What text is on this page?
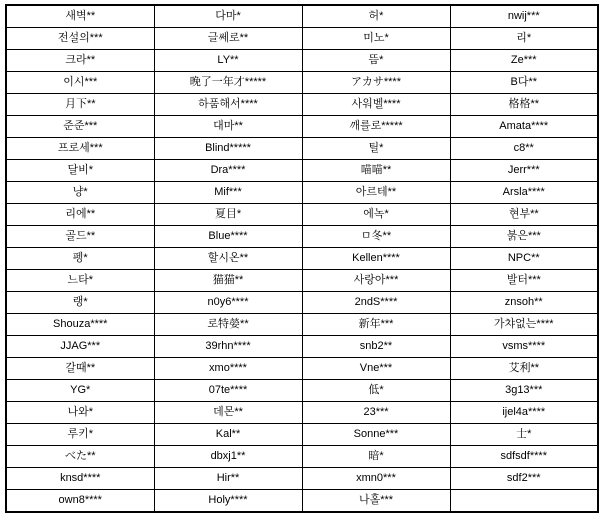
새벽**	다마*	허*	nwij***
전설의***	글쎄로**	미노*	리*
크라**	LY**	뜸*	Ze***
이시***	晚了一年才*****	アカサ****	B다**
月下**	하품해서****	사워벨****	格格**
준준***	대마**	깨를로*****	Amata****
프로세***	Blind*****	틸*	c8**
달비*	Dra****	喵喵**	Jerr***
냥*	Mif***	아르테**	Arsla****
리에**	夏目*	에녹*	현부**
골드**	Blue****	ㅁ冬**	붉은***
펭*	할시온**	Kellen****	NPC**
느타*	猫猫**	사랑아***	발터***
랭*	n0y6****	2ndS****	znsoh**
Shouza****	로特嫈**	新年***	가챠없는****
JJAG***	39rhn****	snb2**	vsms****
갈때**	xmo****	Vne***	艾利**
YG*	07te****	低*	3g13***
나와*	데몬**	23***	ijel4a****
루키*	Kal**	Sonne***	士*
べた**	dbxj1**	暗*	sdfsdf****
knsd****	Hir**	xmn0***	sdf2***
own8****	Holy****	나홀***	
